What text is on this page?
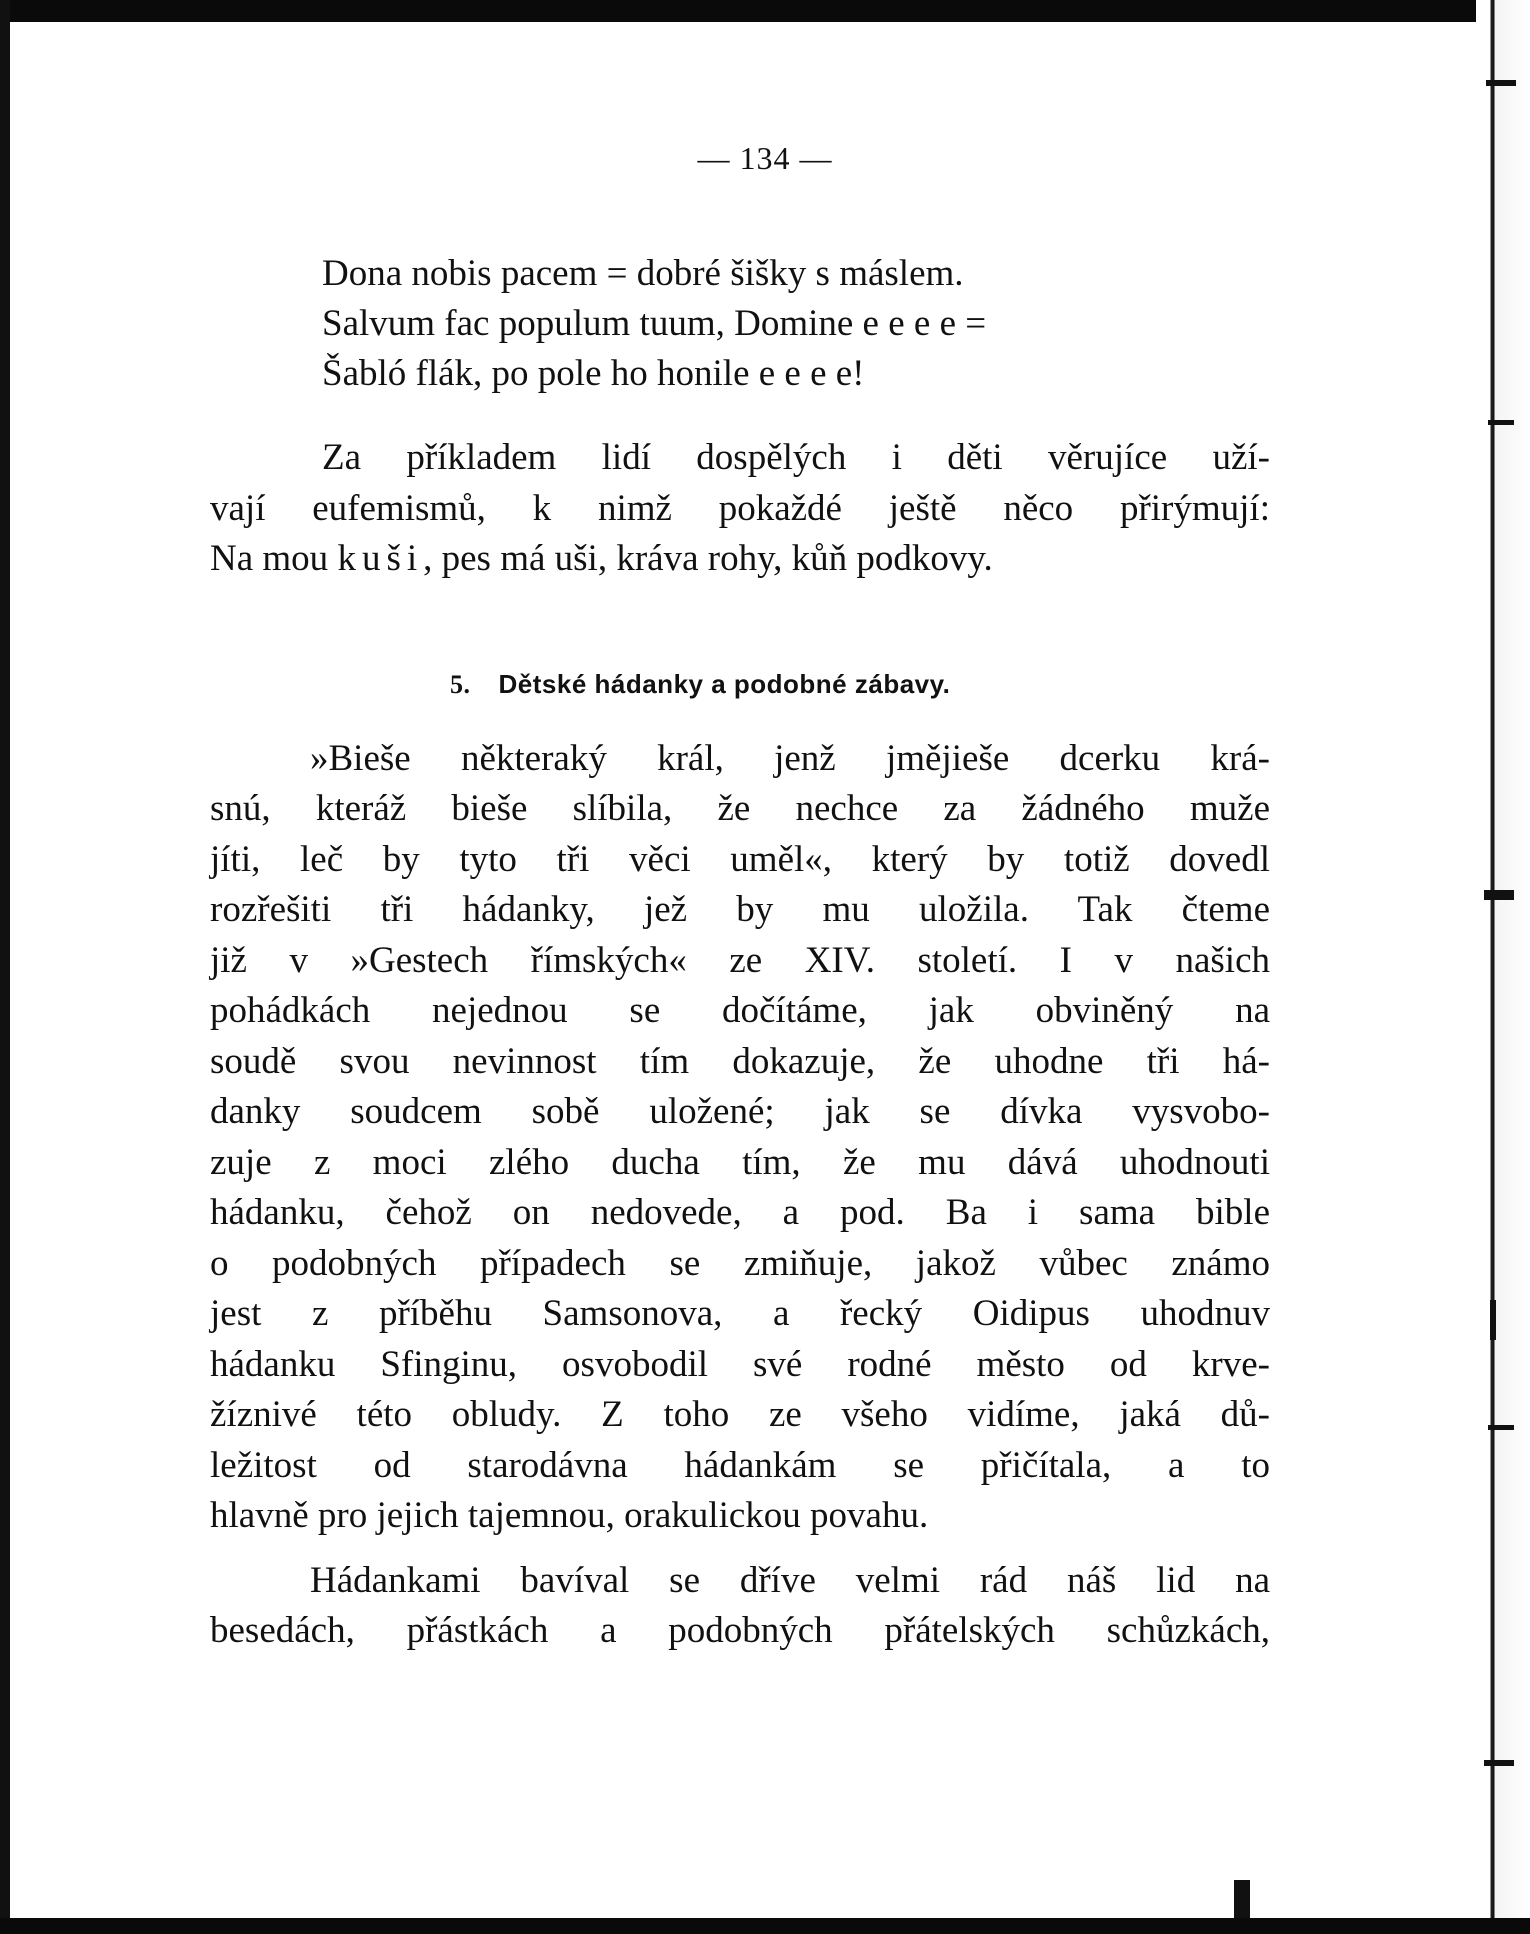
— 134 —
Dona nobis pacem = dobré šišky s máslem.
Salvum fac populum tuum, Domine e e e e =
Šabló flák, po pole ho honile e e e e!

Za příkladem lidí dospělých i děti věrujíce uží-
vají eufemismů, k nimž pokaždé ještě něco přirýmují:
Na mou kuši, pes má uši, kráva rohy, kůň podkovy.

5. Dětské hádanky a podobné zábavy.

»Bieše některaký král, jenž jmějieše dcerku krá-
snú, kteráž bieše slíbila, že nechce za žádného muže
jíti, leč by tyto tři věci uměl«, který by totiž dovedl
rozřešiti tři hádanky, jež by mu uložila. Tak čteme
již v »Gestech římských« ze XIV. století. I v našich
pohádkách nejednou se dočítáme, jak obviněný na
soudě svou nevinnost tím dokazuje, že uhodne tři há-
danky soudcem sobě uložené; jak se dívka vysvobo-
zuje z moci zlého ducha tím, že mu dává uhodnouti
hádanku, čehož on nedovede, a pod. Ba i sama bible
o podobných případech se zmiňuje, jakož vůbec známo
jest z příběhu Samsonova, a řecký Oidipus uhodnuv
hádanku Sfinginu, osvobodil své rodné město od krve-
žíznivé této obludy. Z toho ze všeho vidíme, jaká dů-
ležitost od starodávna hádankám se přičítala, a to
hlavně pro jejich tajemnou, orakulickou povahu.

Hádankami bavíval se dříve velmi rád náš lid na
besedách, přástkách a podobných přátelských schůzkách,
